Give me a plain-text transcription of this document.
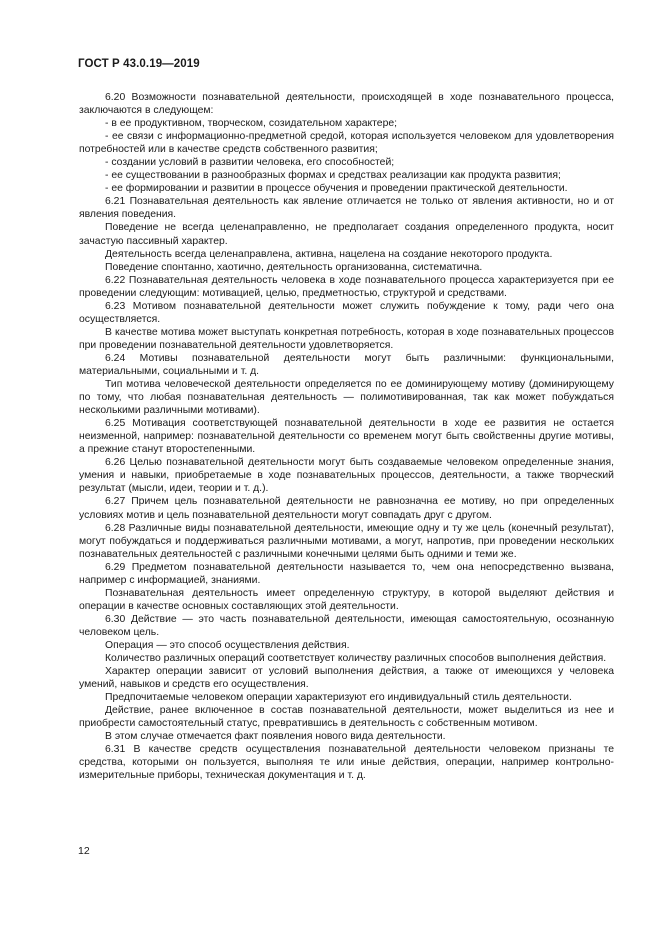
ГОСТ Р 43.0.19—2019

6.20 Возможности познавательной деятельности, происходящей в ходе познавательного процесса, заключаются в следующем:

- в ее продуктивном, творческом, созидательном характере;

- ее связи с информационно-предметной средой, которая используется человеком для удовлетворения потребностей или в качестве средств собственного развития;

- создании условий в развитии человека, его способностей;

- ее существовании в разнообразных формах и средствах реализации как продукта развития;

- ее формировании и развитии в процессе обучения и проведении практической деятельности.

6.21 Познавательная деятельность как явление отличается не только от явления активности, но и от явления поведения.

Поведение не всегда целенаправленно, не предполагает создания определенного продукта, носит зачастую пассивный характер.

Деятельность всегда целенаправлена, активна, нацелена на создание некоторого продукта.

Поведение спонтанно, хаотично, деятельность организованна, систематична.

6.22 Познавательная деятельность человека в ходе познавательного процесса характеризуется при ее проведении следующим: мотивацией, целью, предметностью, структурой и средствами.

6.23 Мотивом познавательной деятельности может служить побуждение к тому, ради чего она осуществляется.

В качестве мотива может выступать конкретная потребность, которая в ходе познавательных процессов при проведении познавательной деятельности удовлетворяется.

6.24 Мотивы познавательной деятельности могут быть различными: функциональными, материальными, социальными и т. д.

Тип мотива человеческой деятельности определяется по ее доминирующему мотиву (доминирующему по тому, что любая познавательная деятельность — полимотивированная, так как может побуждаться несколькими различными мотивами).

6.25 Мотивация соответствующей познавательной деятельности в ходе ее развития не остается неизменной, например: познавательной деятельности со временем могут быть свойственны другие мотивы, а прежние станут второстепенными.

6.26 Целью познавательной деятельности могут быть создаваемые человеком определенные знания, умения и навыки, приобретаемые в ходе познавательных процессов, деятельности, а также творческий результат (мысли, идеи, теории и т. д.).

6.27 Причем цель познавательной деятельности не равнозначна ее мотиву, но при определенных условиях мотив и цель познавательной деятельности могут совпадать друг с другом.

6.28 Различные виды познавательной деятельности, имеющие одну и ту же цель (конечный результат), могут побуждаться и поддерживаться различными мотивами, а могут, напротив, при проведении нескольких познавательных деятельностей с различными конечными целями быть одними и теми же.

6.29 Предметом познавательной деятельности называется то, чем она непосредственно вызвана, например с информацией, знаниями.

Познавательная деятельность имеет определенную структуру, в которой выделяют действия и операции в качестве основных составляющих этой деятельности.

6.30 Действие — это часть познавательной деятельности, имеющая самостоятельную, осознанную человеком цель.

Операция — это способ осуществления действия.

Количество различных операций соответствует количеству различных способов выполнения действия.

Характер операции зависит от условий выполнения действия, а также от имеющихся у человека умений, навыков и средств его осуществления.

Предпочитаемые человеком операции характеризуют его индивидуальный стиль деятельности.

Действие, ранее включенное в состав познавательной деятельности, может выделиться из нее и приобрести самостоятельный статус, превратившись в деятельность с собственным мотивом.

В этом случае отмечается факт появления нового вида деятельности.

6.31 В качестве средств осуществления познавательной деятельности человеком признаны те средства, которыми он пользуется, выполняя те или иные действия, операции, например контрольно-измерительные приборы, техническая документация и т. д.

12
